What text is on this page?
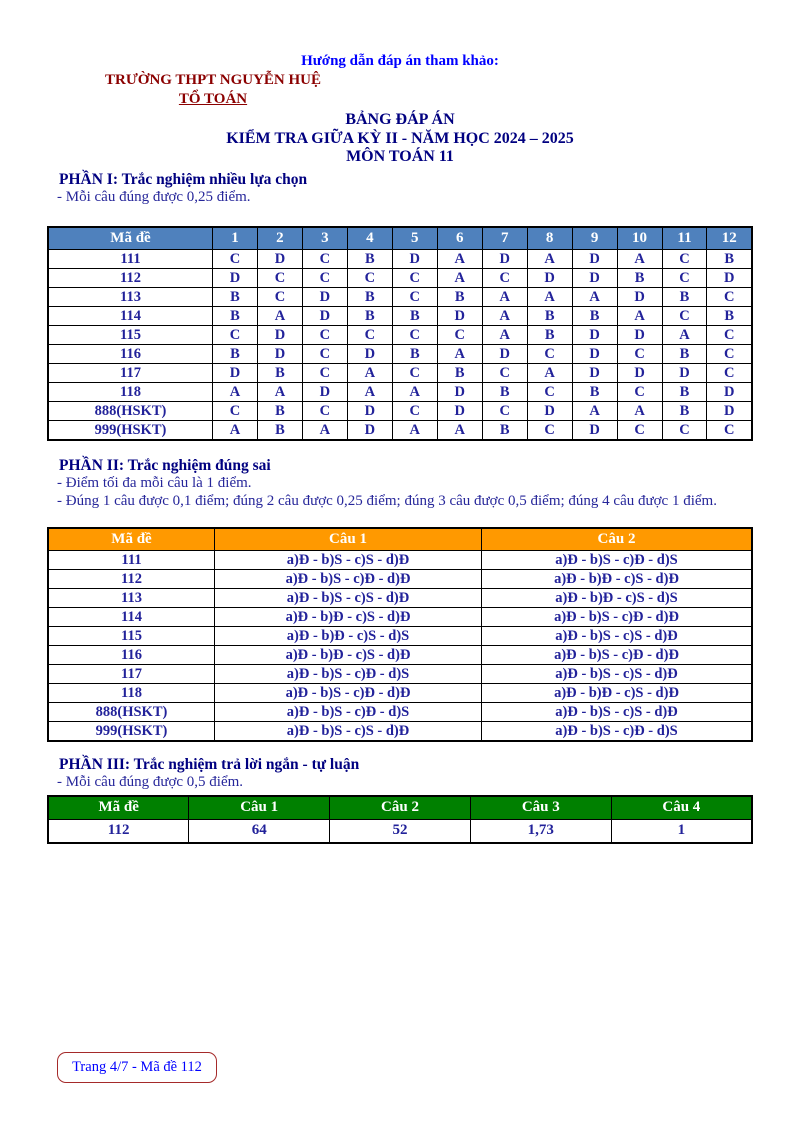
Hướng dẫn đáp án tham khảo:
TRƯỜNG THPT NGUYỄN HUỆ
TỔ TOÁN
BẢNG ĐÁP ÁN
KIỂM TRA GIỮA KỲ II - NĂM HỌC 2024 – 2025
MÔN TOÁN 11
PHẦN I: Trắc nghiệm nhiều lựa chọn
- Mỗi câu đúng được 0,25 điểm.
Mã đề	1	2	3	4	5	6	7	8	9	10	11	12
111	C	D	C	B	D	A	D	A	D	A	C	B
112	D	C	C	C	C	A	C	D	D	B	C	D
113	B	C	D	B	C	B	A	A	A	D	B	C
114	B	A	D	B	B	D	A	B	B	A	C	B
115	C	D	C	C	C	C	A	B	D	D	A	C
116	B	D	C	D	B	A	D	C	D	C	B	C
117	D	B	C	A	C	B	C	A	D	D	D	C
118	A	A	D	A	A	D	B	C	B	C	B	D
888(HSKT)	C	B	C	D	C	D	C	D	A	A	B	D
999(HSKT)	A	B	A	D	A	A	B	C	D	C	C	C
PHẦN II: Trắc nghiệm đúng sai
- Điểm tối đa mỗi câu là 1 điểm.
- Đúng 1 câu được 0,1 điểm; đúng 2 câu được 0,25 điểm; đúng 3 câu được 0,5 điểm; đúng 4 câu được 1 điểm.
Mã đề	Câu 1	Câu 2
111	a)Đ - b)S - c)S - d)Đ	a)Đ - b)S - c)Đ - d)S
112	a)Đ - b)S - c)Đ - d)Đ	a)Đ - b)Đ - c)S - d)Đ
113	a)Đ - b)S - c)S - d)Đ	a)Đ - b)Đ - c)S - d)S
114	a)Đ - b)Đ - c)S - d)Đ	a)Đ - b)S - c)Đ - d)Đ
115	a)Đ - b)Đ - c)S - d)S	a)Đ - b)S - c)S - d)Đ
116	a)Đ - b)Đ - c)S - d)Đ	a)Đ - b)S - c)Đ - d)Đ
117	a)Đ - b)S - c)Đ - d)S	a)Đ - b)S - c)S - d)Đ
118	a)Đ - b)S - c)Đ - d)Đ	a)Đ - b)Đ - c)S - d)Đ
888(HSKT)	a)Đ - b)S - c)Đ - d)S	a)Đ - b)S - c)S - d)Đ
999(HSKT)	a)Đ - b)S - c)S - d)Đ	a)Đ - b)S - c)Đ - d)S
PHẦN III: Trắc nghiệm trả lời ngắn - tự luận
- Mỗi câu đúng được 0,5 điểm.
Mã đề	Câu 1	Câu 2	Câu 3	Câu 4
112	64	52	1,73	1
Trang 4/7 - Mã đề 112
